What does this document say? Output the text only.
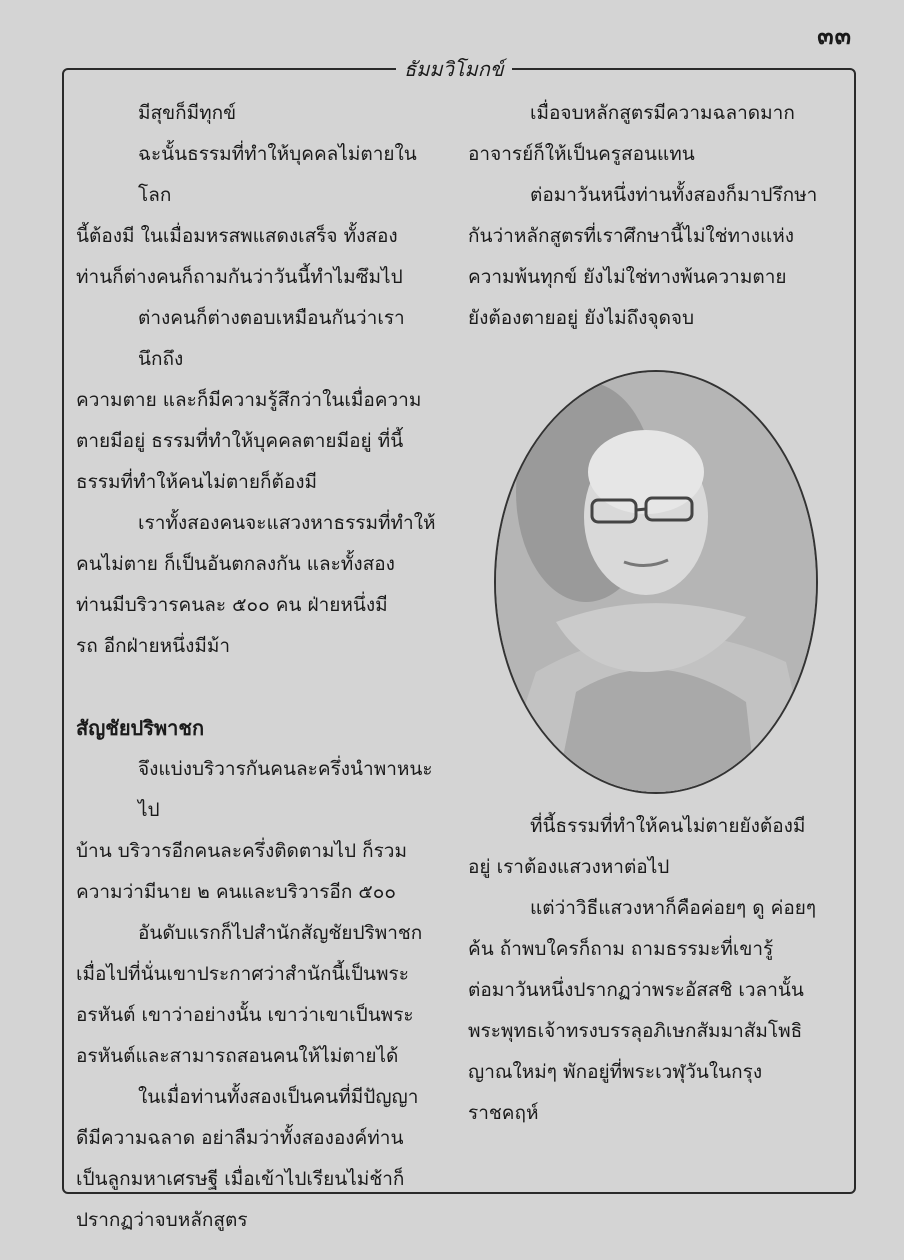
๓๓
ธัมมวิโมกข์

มีสุขก็มีทุกข์

ฉะนั้นธรรมที่ทำให้บุคคลไม่ตายในโลก

นี้ต้องมี ในเมื่อมหรสพแสดงเสร็จ ทั้งสอง

ท่านก็ต่างคนก็ถามกันว่าวันนี้ทำไมซึมไป

ต่างคนก็ต่างตอบเหมือนกันว่าเรานึกถึง

ความตาย และก็มีความรู้สึกว่าในเมื่อความ

ตายมีอยู่ ธรรมที่ทำให้บุคคลตายมีอยู่ ที่นี้

ธรรมที่ทำให้คนไม่ตายก็ต้องมี

เราทั้งสองคนจะแสวงหาธรรมที่ทำให้

คนไม่ตาย ก็เป็นอันตกลงกัน และทั้งสอง

ท่านมีบริวารคนละ ๕๐๐ คน ฝ่ายหนึ่งมี

รถ อีกฝ่ายหนึ่งมีม้า

สัญชัยปริพาชก

จึงแบ่งบริวารกันคนละครึ่งนำพาหนะไป

บ้าน บริวารอีกคนละครึ่งติดตามไป ก็รวม

ความว่ามีนาย ๒ คนและบริวารอีก ๕๐๐

อันดับแรกก็ไปสำนักสัญชัยปริพาชก

เมื่อไปที่นั่นเขาประกาศว่าสำนักนี้เป็นพระ

อรหันต์ เขาว่าอย่างนั้น เขาว่าเขาเป็นพระ

อรหันต์และสามารถสอนคนให้ไม่ตายได้

ในเมื่อท่านทั้งสองเป็นคนที่มีปัญญา

ดีมีความฉลาด อย่าลืมว่าทั้งสององค์ท่าน

เป็นลูกมหาเศรษฐี เมื่อเข้าไปเรียนไม่ช้าก็

ปรากฏว่าจบหลักสูตร

เมื่อจบหลักสูตรมีความฉลาดมาก

อาจารย์ก็ให้เป็นครูสอนแทน

ต่อมาวันหนึ่งท่านทั้งสองก็มาปรึกษา

กันว่าหลักสูตรที่เราศึกษานี้ไม่ใช่ทางแห่ง

ความพ้นทุกข์ ยังไม่ใช่ทางพ้นความตาย

ยังต้องตายอยู่ ยังไม่ถึงจุดจบ

ที่นี้ธรรมที่ทำให้คนไม่ตายยังต้องมี

อยู่ เราต้องแสวงหาต่อไป

แต่ว่าวิธีแสวงหาก็คือค่อยๆ ดู ค่อยๆ

ค้น ถ้าพบใครก็ถาม ถามธรรมะที่เขารู้

ต่อมาวันหนึ่งปรากฏว่าพระอัสสชิ เวลานั้น

พระพุทธเจ้าทรงบรรลุอภิเษกสัมมาสัมโพธิ

ญาณใหม่ๆ พักอยู่ที่พระเวฬุวันในกรุง

ราชคฤห์
